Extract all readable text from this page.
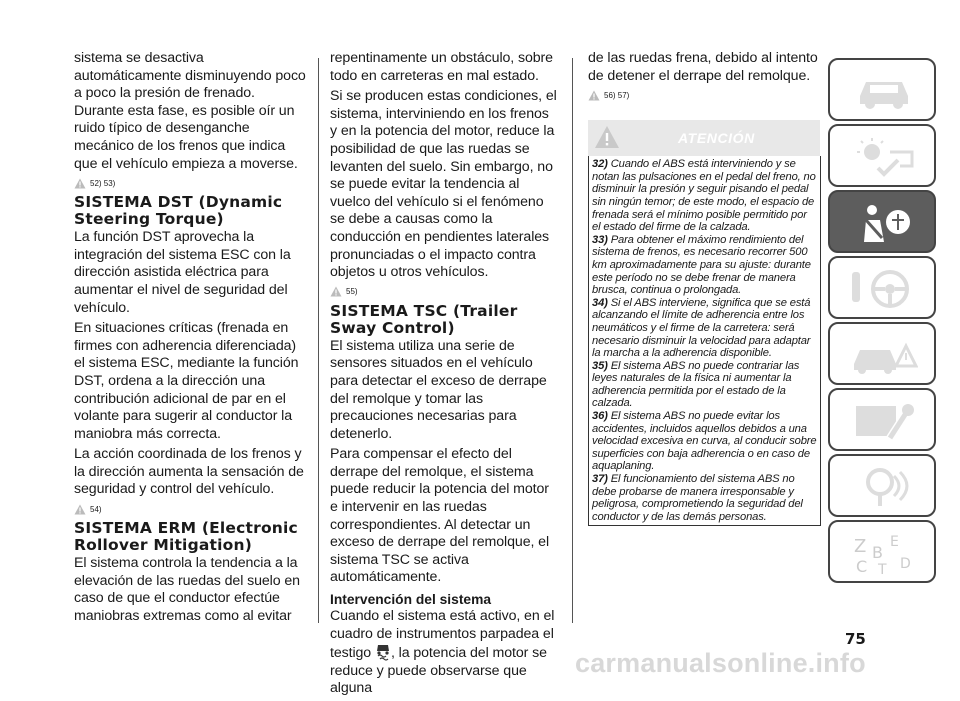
sistema se desactiva automáticamente disminuyendo poco a poco la presión de frenado. Durante esta fase, es posible oír un ruido típico de desenganche mecánico de los frenos que indica que el vehículo empieza a moverse.

52) 53)
SISTEMA DST (Dynamic Steering Torque)

La función DST aprovecha la integración del sistema ESC con la dirección asistida eléctrica para aumentar el nivel de seguridad del vehículo.

En situaciones críticas (frenada en firmes con adherencia diferenciada) el sistema ESC, mediante la función DST, ordena a la dirección una contribución adicional de par en el volante para sugerir al conductor la maniobra más correcta.

La acción coordinada de los frenos y la dirección aumenta la sensación de seguridad y control del vehículo.

54)
SISTEMA ERM (Electronic Rollover Mitigation)

El sistema controla la tendencia a la elevación de las ruedas del suelo en caso de que el conductor efectúe maniobras extremas como al evitar

repentinamente un obstáculo, sobre todo en carreteras en mal estado.

Si se producen estas condiciones, el sistema, interviniendo en los frenos y en la potencia del motor, reduce la posibilidad de que las ruedas se levanten del suelo. Sin embargo, no se puede evitar la tendencia al vuelco del vehículo si el fenómeno se debe a causas como la conducción en pendientes laterales pronunciadas o el impacto contra objetos u otros vehículos.

55)
SISTEMA TSC (Trailer Sway Control)

El sistema utiliza una serie de sensores situados en el vehículo para detectar el exceso de derrape del remolque y tomar las precauciones necesarias para detenerlo.

Para compensar el efecto del derrape del remolque, el sistema puede reducir la potencia del motor e intervenir en las ruedas correspondientes. Al detectar un exceso de derrape del remolque, el sistema TSC se activa automáticamente.

Intervención del sistema

Cuando el sistema está activo, en el cuadro de instrumentos parpadea el testigo , la potencia del motor se reduce y puede observarse que alguna

de las ruedas frena, debido al intento de detener el derrape del remolque.

56) 57)
ATENCIÓN

32) Cuando el ABS está interviniendo y se notan las pulsaciones en el pedal del freno, no disminuir la presión y seguir pisando el pedal sin ningún temor; de este modo, el espacio de frenada será el mínimo posible permitido por el estado del firme de la calzada.

33) Para obtener el máximo rendimiento del sistema de frenos, es necesario recorrer 500 km aproximadamente para su ajuste: durante este período no se debe frenar de manera brusca, continua o prolongada.

34) Si el ABS interviene, significa que se está alcanzando el límite de adherencia entre los neumáticos y el firme de la carretera: será necesario disminuir la velocidad para adaptar la marcha a la adherencia disponible.

35) El sistema ABS no puede contrariar las leyes naturales de la física ni aumentar la adherencia permitida por el estado de la calzada.

36) El sistema ABS no puede evitar los accidentes, incluidos aquellos debidos a una velocidad excesiva en curva, al conducir sobre superficies con baja adherencia o en caso de aquaplaning.

37) El funcionamiento del sistema ABS no debe probarse de manera irresponsable y peligrosa, comprometiendo la seguridad del conductor y de las demás personas.

Z E
B
C T D
75
carmanualsonline.info
